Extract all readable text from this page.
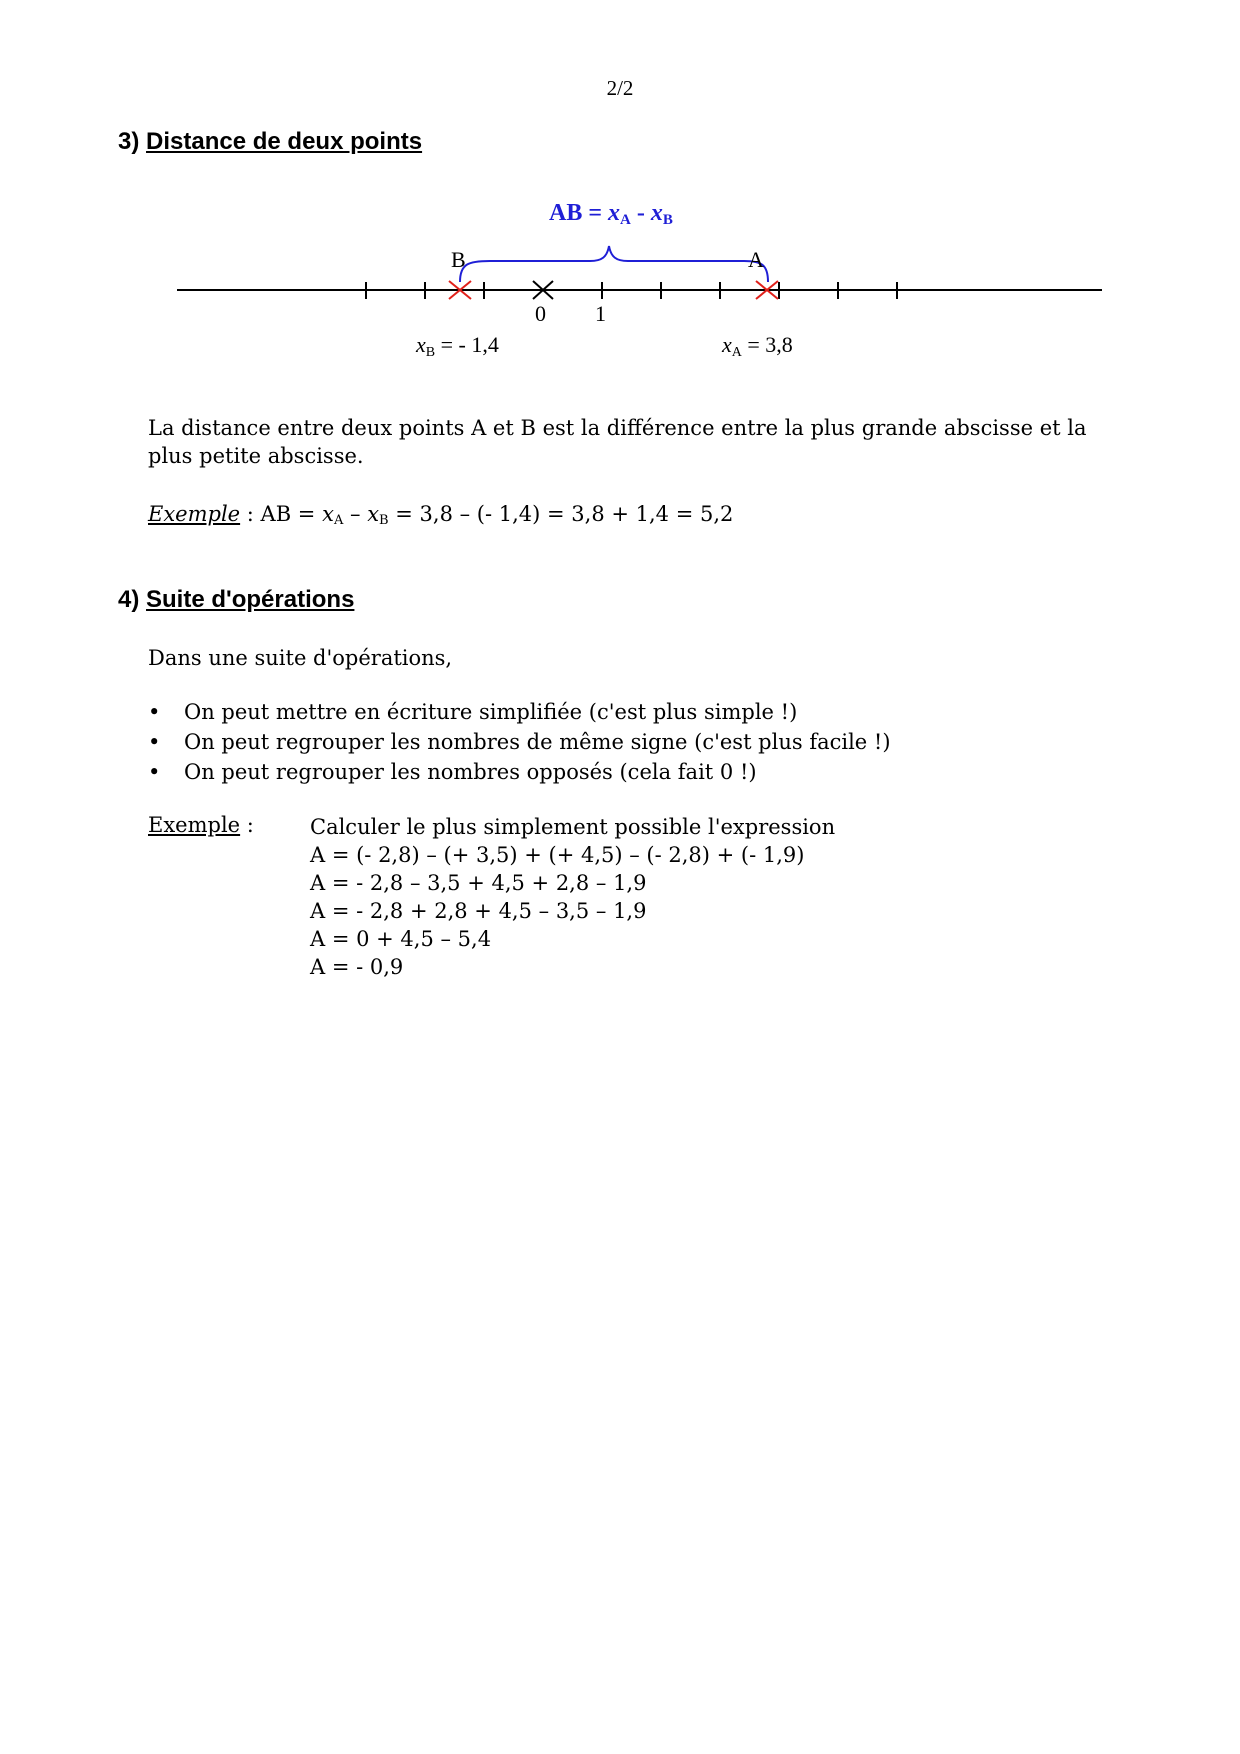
2/2
3) Distance de deux points
AB = xA - xB
B	A
0 1
xB = - 1,4	xA = 3,8
La distance entre deux points A et B est la différence entre la plus grande abscisse et la plus petite abscisse.
Exemple : AB = $x_A - x_B = 3,8$ – (- 1,4) = 3,8 + 1,4 = 5,2
4) Suite d'opérations
Dans une suite d'opérations,
• On peut mettre en écriture simplifiée (c'est plus simple !)
• On peut regrouper les nombres de même signe (c'est plus facile !)
• On peut regrouper les nombres opposés (cela fait 0 !)
Exemple :	Calculer le plus simplement possible l'expression
A = (- 2,8) – (+ 3,5) + (+ 4,5) – (- 2,8) + (- 1,9)
A = - 2,8 – 3,5 + 4,5 + 2,8 – 1,9
A = - 2,8 + 2,8 + 4,5 – 3,5 – 1,9
A = 0 + 4,5 – 5,4
A = - 0,9
